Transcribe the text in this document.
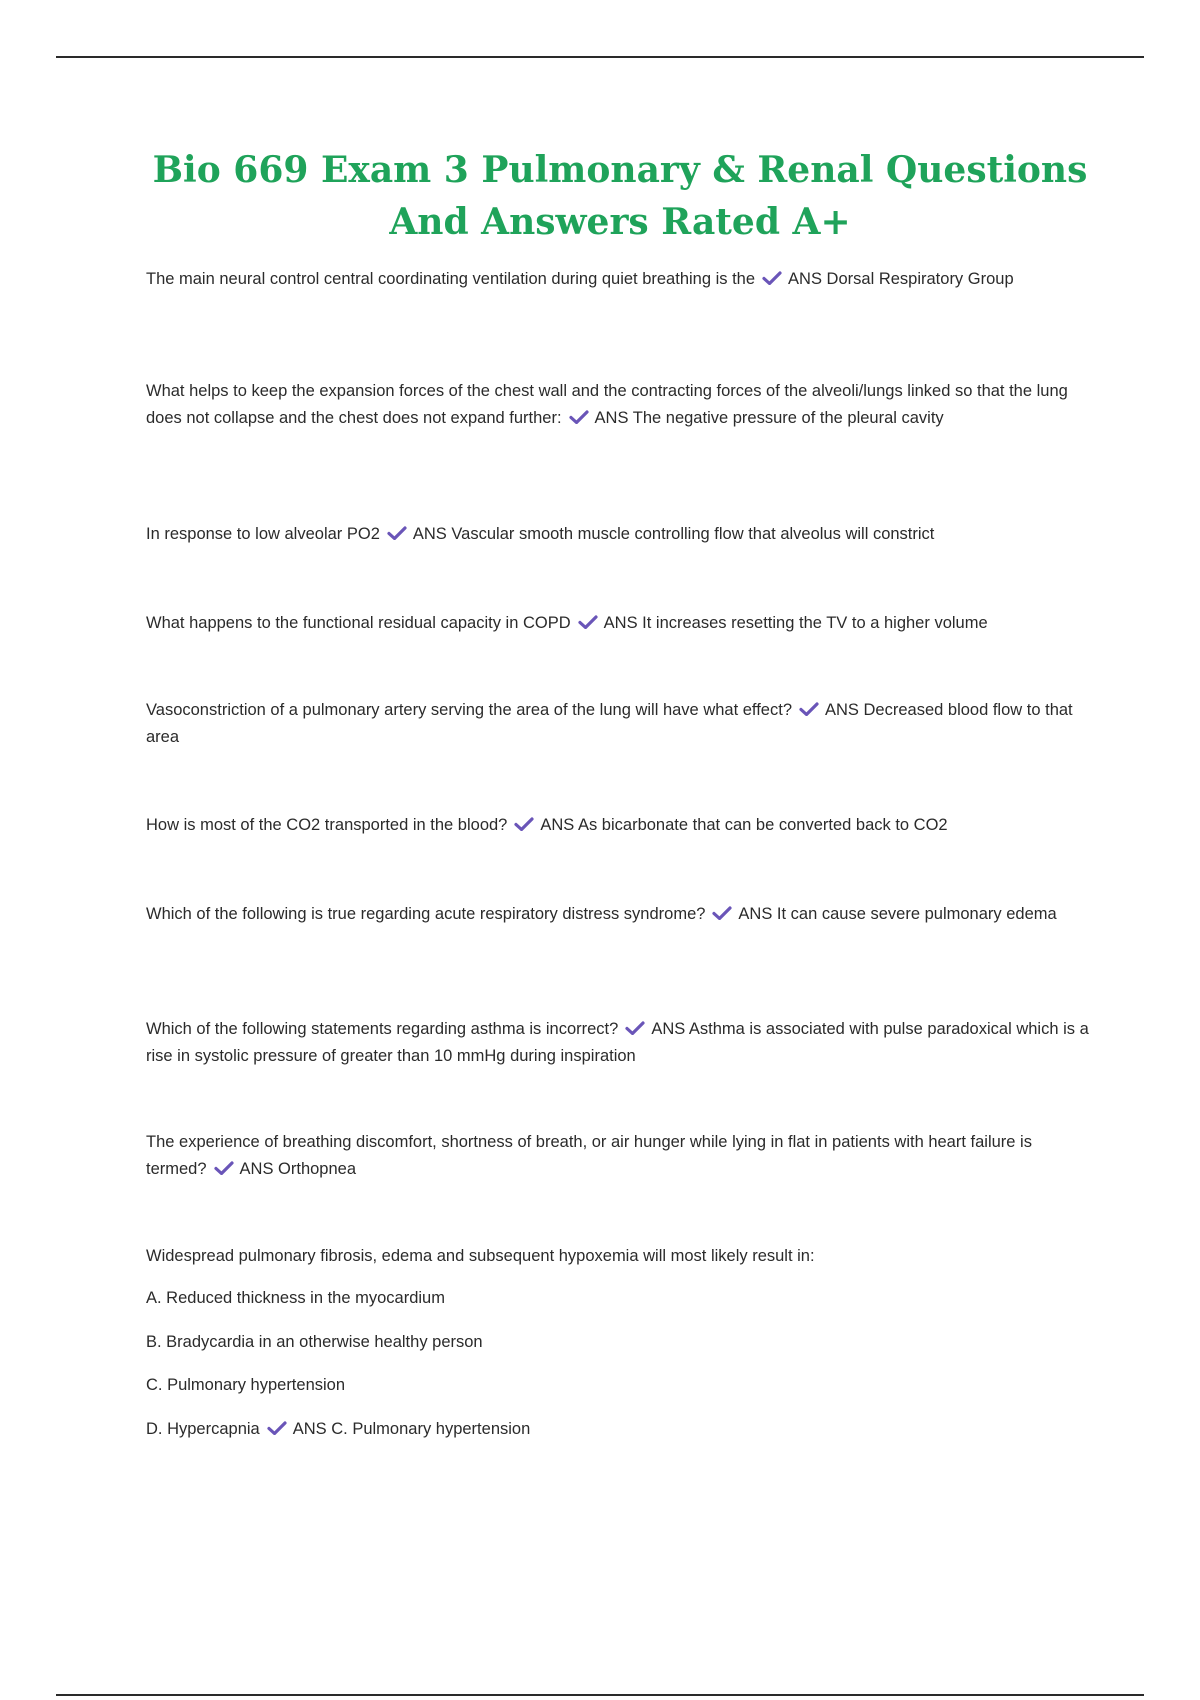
Bio 669 Exam 3 Pulmonary & Renal Questions And Answers Rated A+

The main neural control central coordinating ventilation during quiet breathing is the ANS Dorsal Respiratory Group

What helps to keep the expansion forces of the chest wall and the contracting forces of the alveoli/lungs linked so that the lung does not collapse and the chest does not expand further: ANS The negative pressure of the pleural cavity

In response to low alveolar PO2 ANS Vascular smooth muscle controlling flow that alveolus will constrict

What happens to the functional residual capacity in COPD ANS It increases resetting the TV to a higher volume

Vasoconstriction of a pulmonary artery serving the area of the lung will have what effect? ANS Decreased blood flow to that area

How is most of the CO2 transported in the blood? ANS As bicarbonate that can be converted back to CO2

Which of the following is true regarding acute respiratory distress syndrome? ANS It can cause severe pulmonary edema

Which of the following statements regarding asthma is incorrect? ANS Asthma is associated with pulse paradoxical which is a rise in systolic pressure of greater than 10 mmHg during inspiration

The experience of breathing discomfort, shortness of breath, or air hunger while lying in flat in patients with heart failure is termed? ANS Orthopnea

Widespread pulmonary fibrosis, edema and subsequent hypoxemia will most likely result in:

A. Reduced thickness in the myocardium

B. Bradycardia in an otherwise healthy person

C. Pulmonary hypertension

D. Hypercapnia ANS C. Pulmonary hypertension
